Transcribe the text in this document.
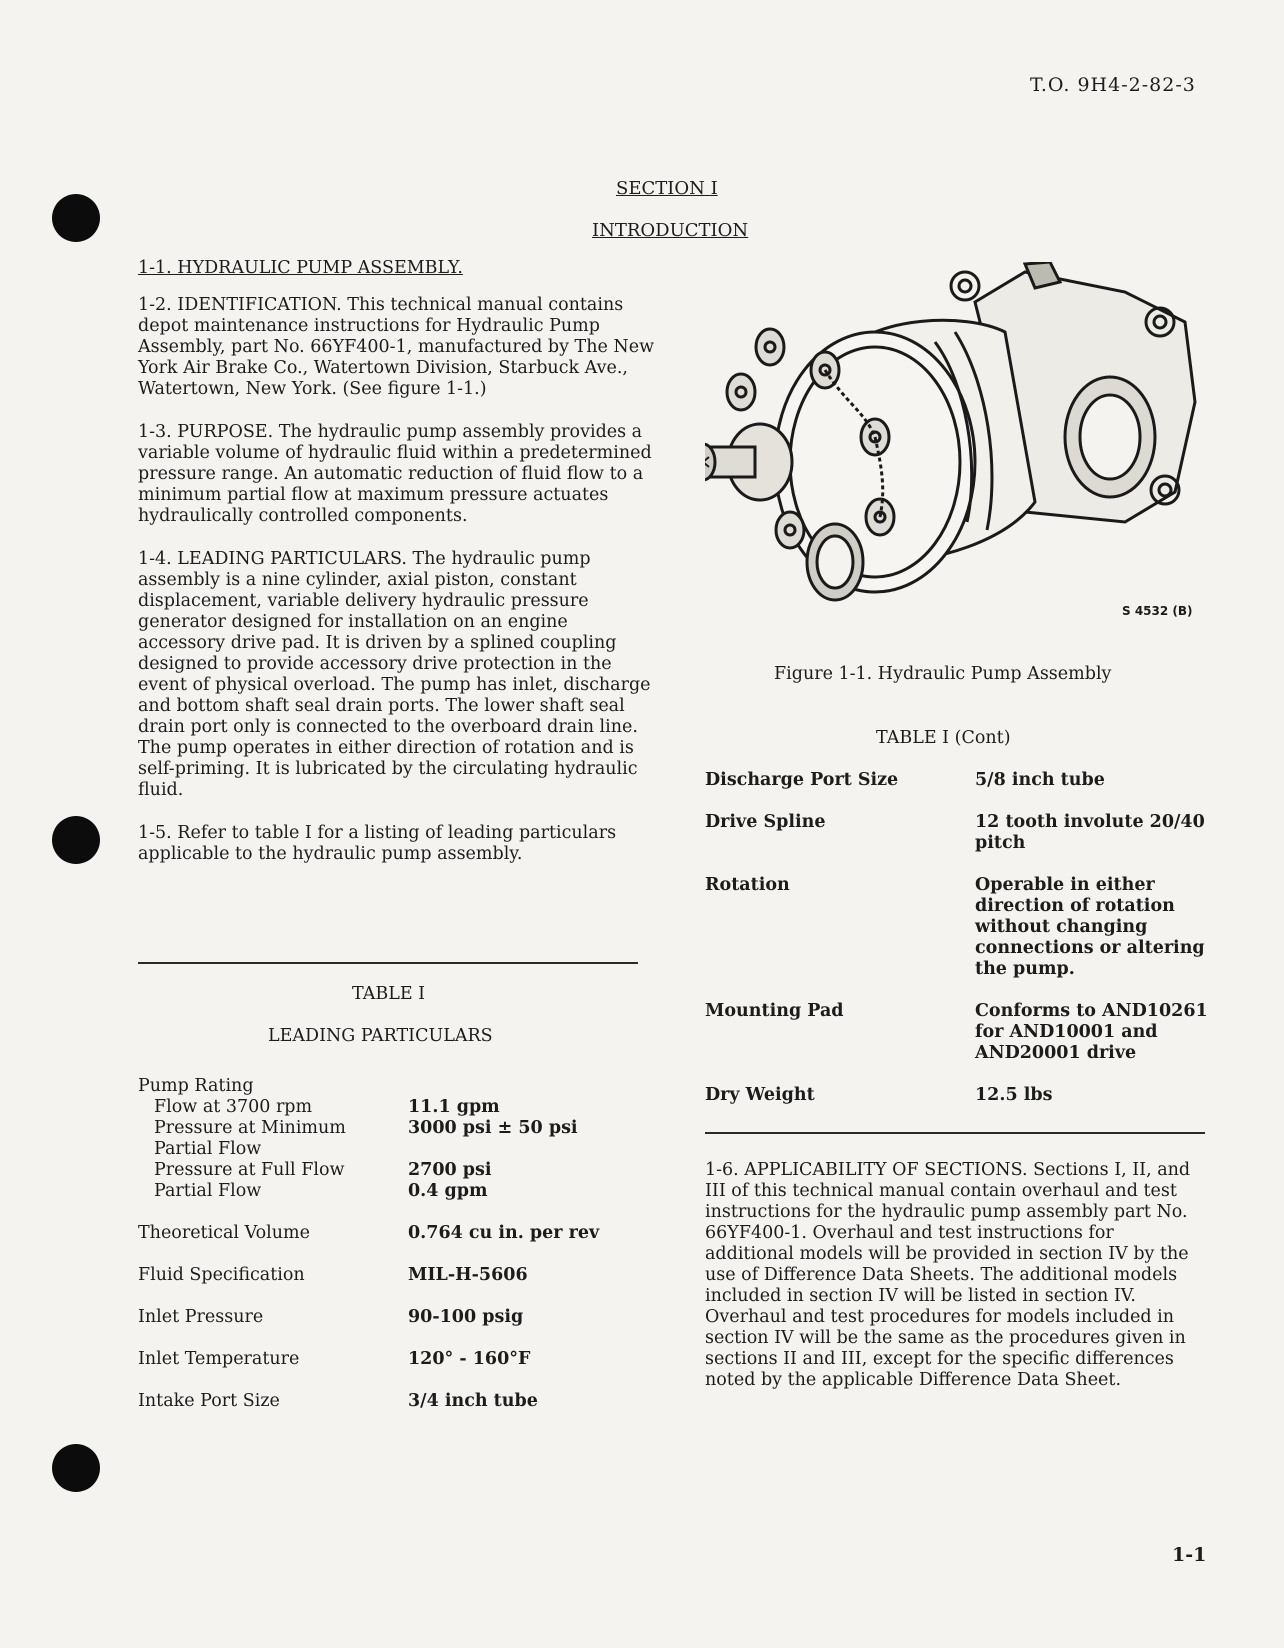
T.O. 9H4-2-82-3
SECTION I
INTRODUCTION
1-1. HYDRAULIC PUMP ASSEMBLY.

1-2. IDENTIFICATION. This technical manual contains depot maintenance instructions for Hydraulic Pump Assembly, part No. 66YF400-1, manufactured by The New York Air Brake Co., Watertown Division, Starbuck Ave., Watertown, New York. (See figure 1-1.)

1-3. PURPOSE. The hydraulic pump assembly provides a variable volume of hydraulic fluid within a predetermined pressure range. An automatic reduction of fluid flow to a minimum partial flow at maximum pressure actuates hydraulically controlled components.

1-4. LEADING PARTICULARS. The hydraulic pump assembly is a nine cylinder, axial piston, constant displacement, variable delivery hydraulic pressure generator designed for installation on an engine accessory drive pad. It is driven by a splined coupling designed to provide accessory drive protection in the event of physical overload. The pump has inlet, discharge and bottom shaft seal drain ports. The lower shaft seal drain port only is connected to the overboard drain line. The pump operates in either direction of rotation and is self-priming. It is lubricated by the circulating hydraulic fluid.

1-5. Refer to table I for a listing of leading particulars applicable to the hydraulic pump assembly.

TABLE I
LEADING PARTICULARS
Pump Rating
Flow at 3700 rpm	11.1 gpm
Pressure at Minimum	3000 psi ± 50 psi
Partial Flow
Pressure at Full Flow	2700 psi
Partial Flow	0.4 gpm
Theoretical Volume	0.764 cu in. per rev
Fluid Specification	MIL-H-5606
Inlet Pressure	90-100 psig
Inlet Temperature	120° - 160°F
Intake Port Size	3/4 inch tube
S 4532 (B)
Figure 1-1. Hydraulic Pump Assembly
TABLE I (Cont)
Discharge Port Size	5/8 inch tube
Drive Spline	12 tooth involute 20/40 pitch
Rotation	Operable in either direction of rotation without changing connections or altering the pump.
Mounting Pad	Conforms to AND10261 for AND10001 and AND20001 drive
Dry Weight	12.5 lbs

1-6. APPLICABILITY OF SECTIONS. Sections I, II, and III of this technical manual contain overhaul and test instructions for the hydraulic pump assembly part No. 66YF400-1. Overhaul and test instructions for additional models will be provided in section IV by the use of Difference Data Sheets. The additional models included in section IV will be listed in section IV. Overhaul and test procedures for models included in section IV will be the same as the procedures given in sections II and III, except for the specific differences noted by the applicable Difference Data Sheet.

1-1
